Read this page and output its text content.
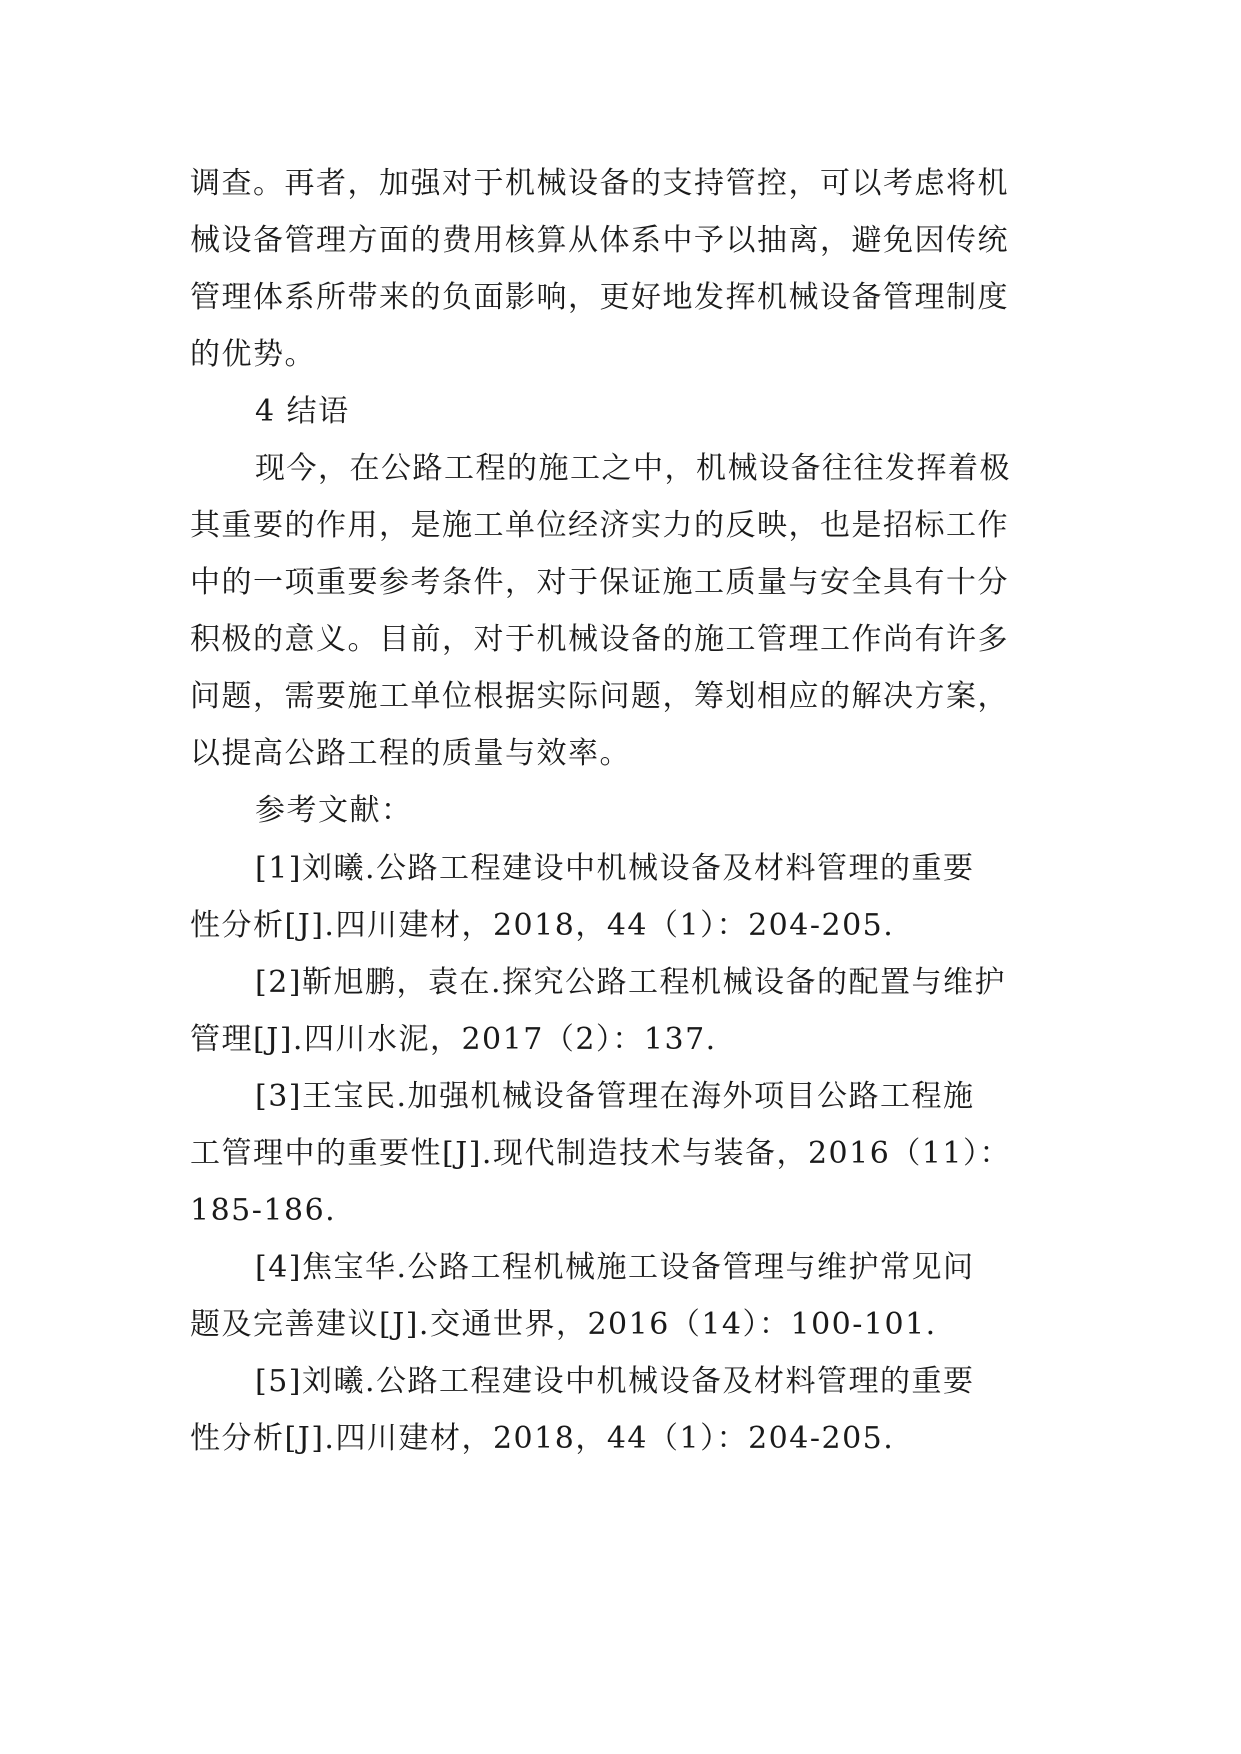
调查。再者，加强对于机械设备的支持管控，可以考虑将机
械设备管理方面的费用核算从体系中予以抽离，避免因传统
管理体系所带来的负面影响，更好地发挥机械设备管理制度
的优势。
4 结语
现今，在公路工程的施工之中，机械设备往往发挥着极
其重要的作用，是施工单位经济实力的反映，也是招标工作
中的一项重要参考条件，对于保证施工质量与安全具有十分
积极的意义。目前，对于机械设备的施工管理工作尚有许多
问题，需要施工单位根据实际问题，筹划相应的解决方案，
以提高公路工程的质量与效率。
参考文献：
[1]刘曦.公路工程建设中机械设备及材料管理的重要
性分析[J].四川建材，2018，44（1）：204-205.
[2]靳旭鹏，袁在.探究公路工程机械设备的配置与维护
管理[J].四川水泥，2017（2）：137.
[3]王宝民.加强机械设备管理在海外项目公路工程施
工管理中的重要性[J].现代制造技术与装备，2016（11）：
185-186.
[4]焦宝华.公路工程机械施工设备管理与维护常见问
题及完善建议[J].交通世界，2016（14）：100-101.
[5]刘曦.公路工程建设中机械设备及材料管理的重要
性分析[J].四川建材，2018，44（1）：204-205.
